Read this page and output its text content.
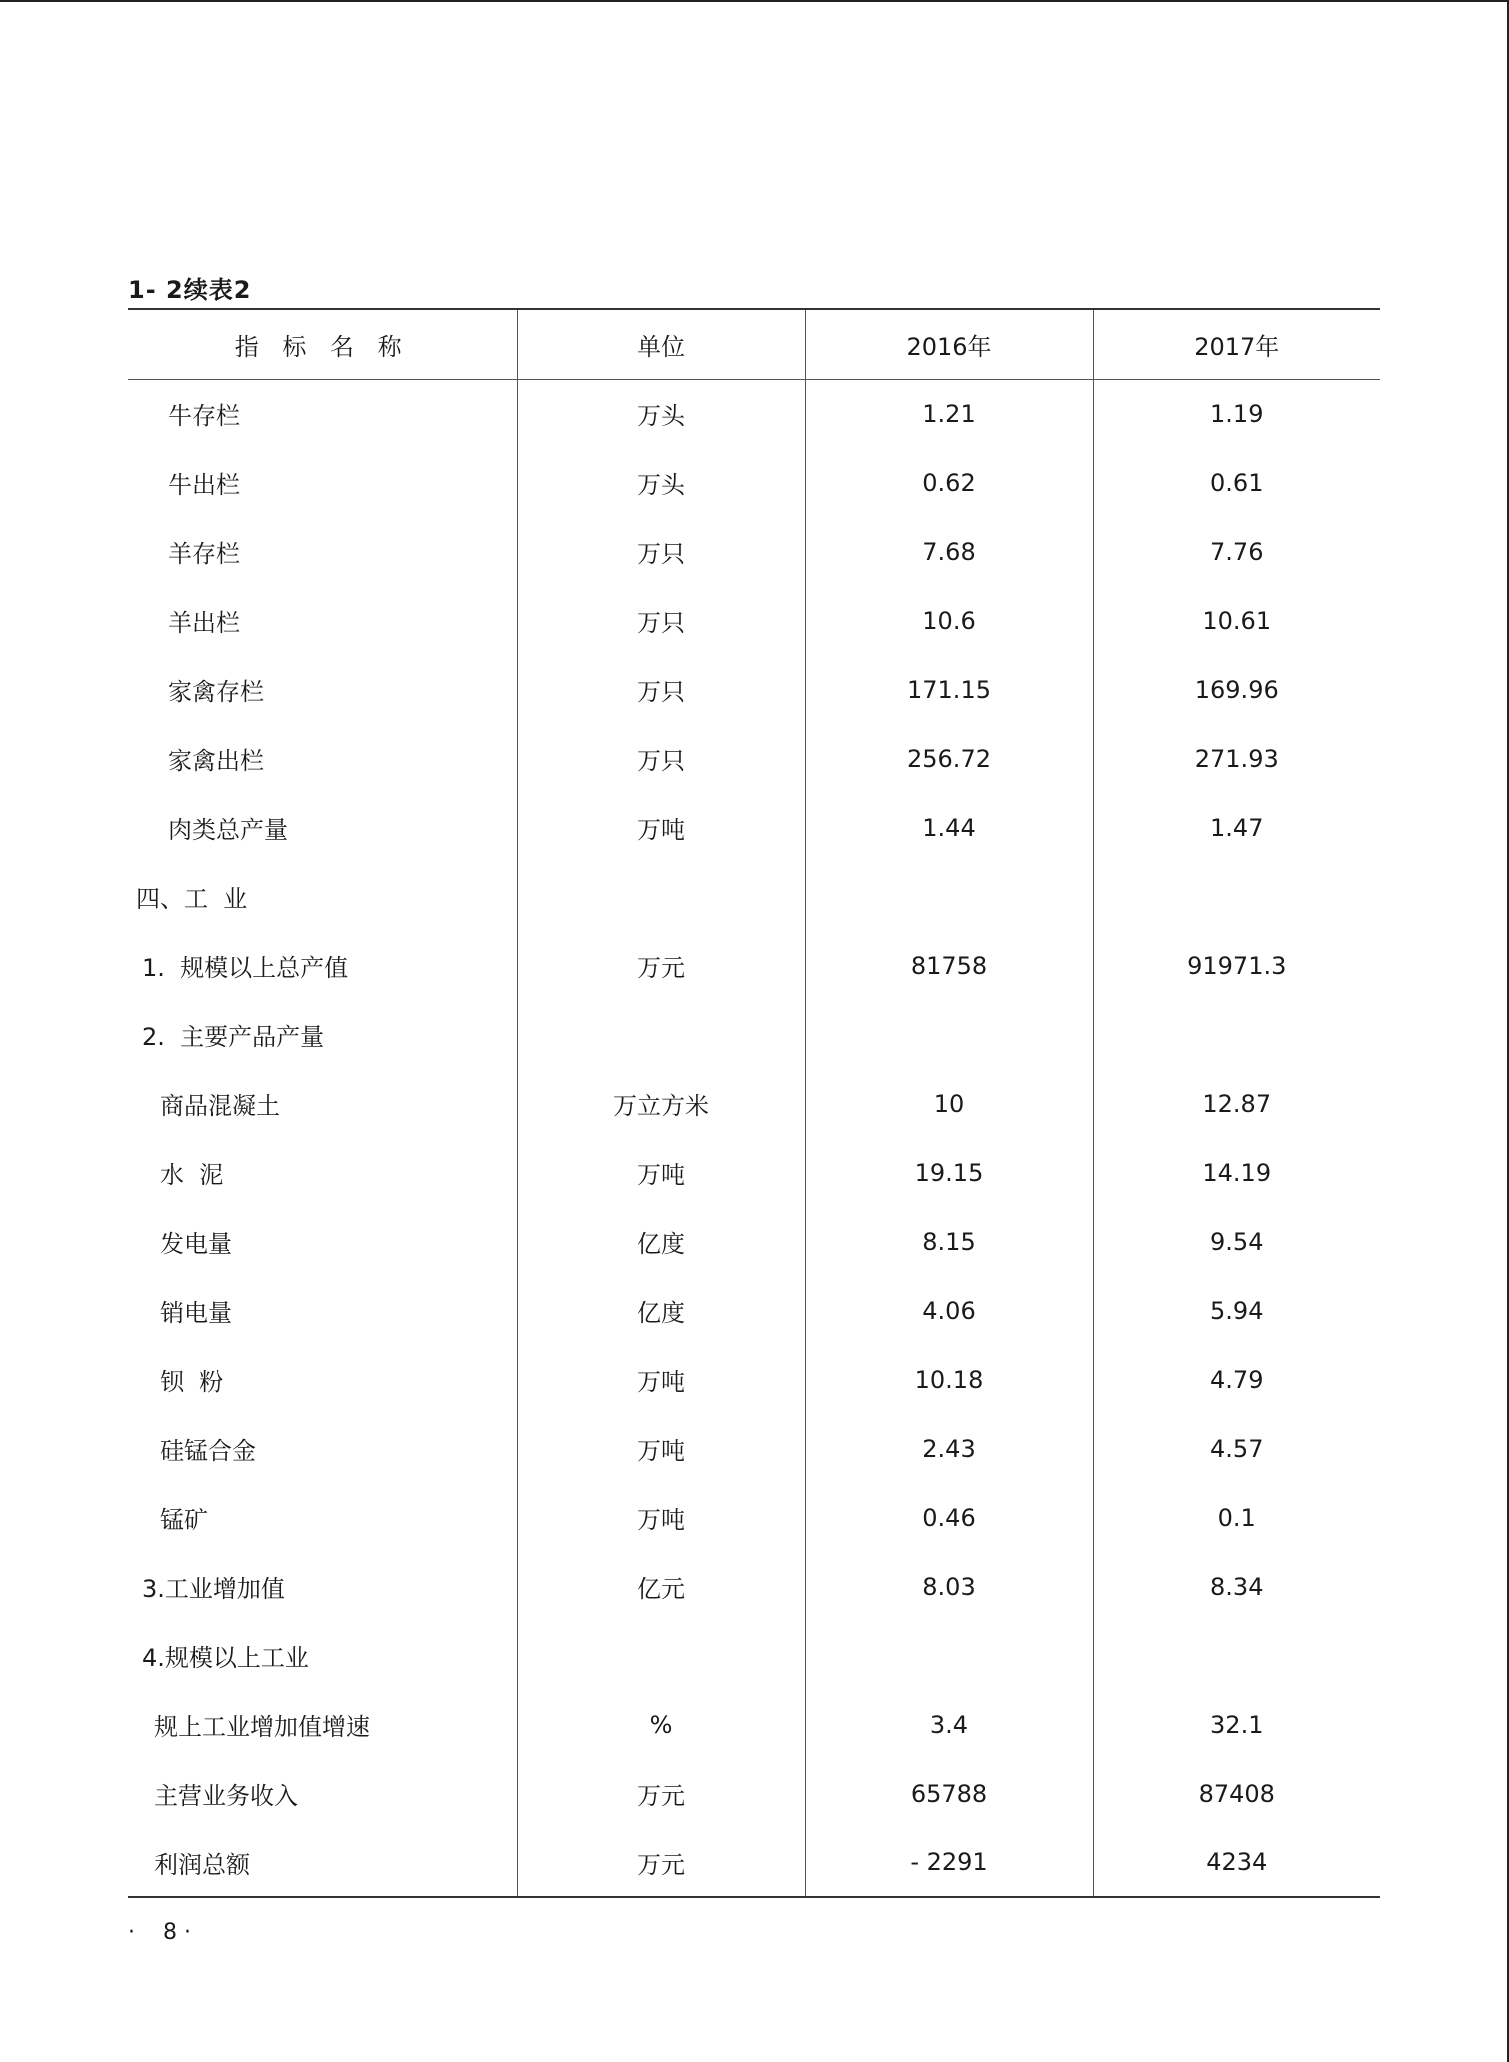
1- 2续表2
指 标 名 称	单位	2016年	2017年
牛存栏	万头	1.21	1.19
牛出栏	万头	0.62	0.61
羊存栏	万只	7.68	7.76
羊出栏	万只	10.6	10.61
家禽存栏	万只	171.15	169.96
家禽出栏	万只	256.72	271.93
肉类总产量	万吨	1.44	1.47
四、工  业			
1.  规模以上总产值	万元	81758	91971.3
2.  主要产品产量			
商品混凝土	万立方米	10	12.87
水  泥	万吨	19.15	14.19
发电量	亿度	8.15	9.54
销电量	亿度	4.06	5.94
钡  粉	万吨	10.18	4.79
硅锰合金	万吨	2.43	4.57
锰矿	万吨	0.46	0.1
3.工业增加值	亿元	8.03	8.34
4.规模以上工业			
规上工业增加值增速	%	3.4	32.1
主营业务收入	万元	65788	87408
利润总额	万元	- 2291	4234
·    8 ·
